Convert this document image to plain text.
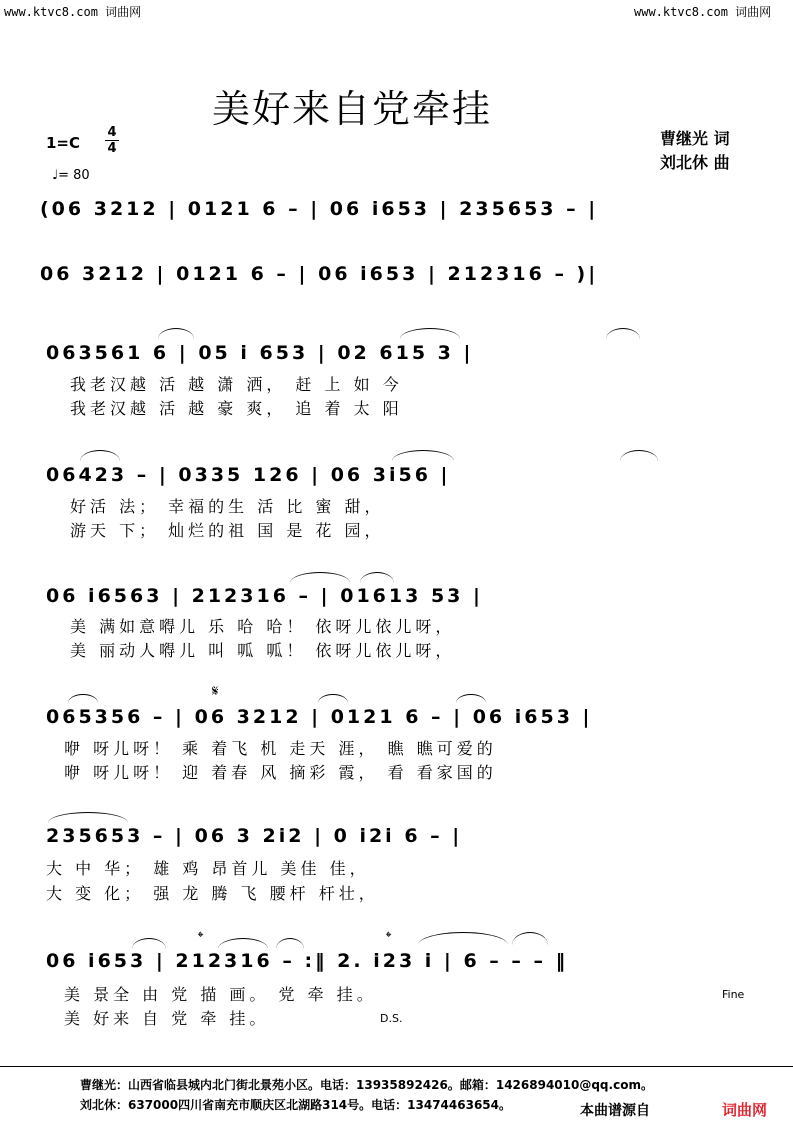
www.ktvc8.com 词曲网	www.ktvc8.com 词曲网
美好来自党牵挂
1=C
4
4
♩= 80
曹继光 词
刘北休 曲
(06 3212 | 0121 6 – | 06 i653 | 235653 – |
06 3212 | 0121 6 – | 06 i653 | 212316 – )|
063561 6 | 05 i 653 | 02 615 3 |
我老汉越 活 越 潇 洒， 赶 上 如 今
我老汉越 活 越 豪 爽， 追 着 太 阳
06423 – | 0335 126 | 06 3i56 |
好活 法； 幸福的生 活 比 蜜 甜，
游天 下； 灿烂的祖 国 是 花 园，
06 i6563 | 212316 – | 01613 53 |
美 满如意嘚儿 乐 哈 哈！ 依呀儿依儿呀，
美 丽动人嘚儿 叫 呱 呱！ 依呀儿依儿呀，
𝄋
065356 – | 06 3212 | 0121 6 – | 06 i653 |
咿 呀儿呀！ 乘 着飞 机 走天 涯， 瞧 瞧可爱的
咿 呀儿呀！ 迎 着春 风 摘彩 霞， 看 看家国的
235653 – | 06 3 2i2 | 0 i2i 6 – |
大 中 华； 雄 鸡 昂首儿 美佳 佳，
大 变 化； 强 龙 腾 飞 腰杆 杆壮，
𝄌	𝄌
06 i653 | 212316 – :‖ 2. i23 i | 6 – – – ‖
美 景全 由 党 描 画。 党 牵 挂。
美 好来 自 党 牵 挂。
Fine
D.S.
曹继光：山西省临县城内北门街北景苑小区。电话：13935892426。邮箱：1426894010@qq.com。
刘北休：637000四川省南充市顺庆区北湖路314号。电话：13474463654。	本曲谱源自	词曲网
